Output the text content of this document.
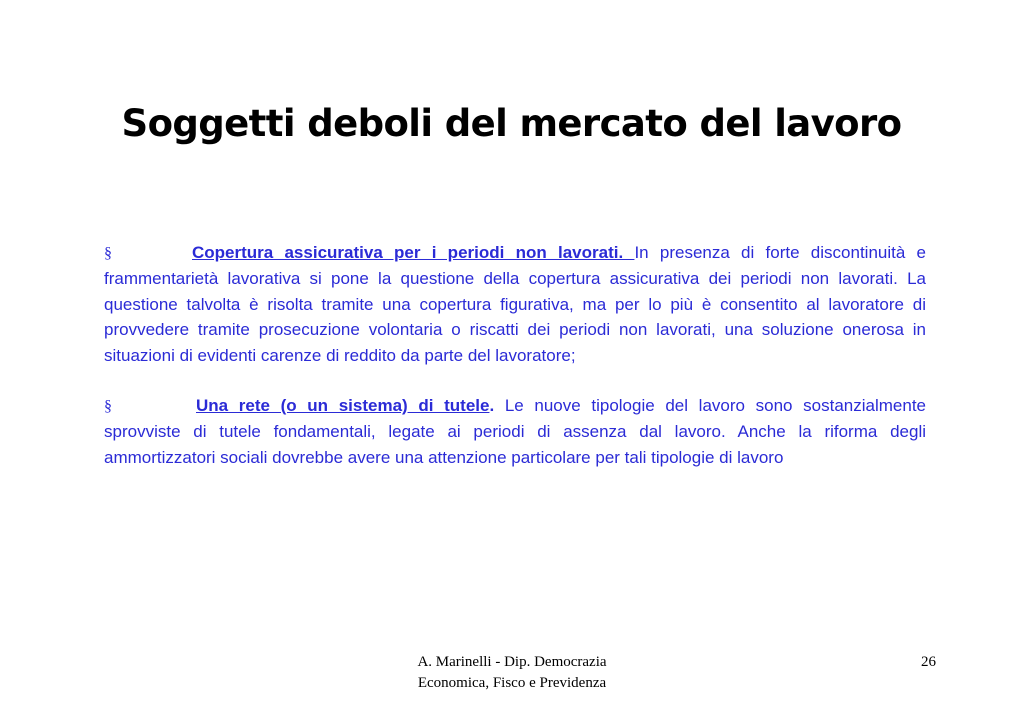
Soggetti deboli del mercato del lavoro

§	Copertura assicurativa per i periodi non lavorati. In presenza di forte discontinuità e frammentarietà lavorativa si pone la questione della copertura assicurativa dei periodi non lavorati. La questione talvolta è risolta tramite una copertura figurativa, ma per lo più è consentito al lavoratore di provvedere tramite prosecuzione volontaria o riscatti dei periodi non lavorati, una soluzione onerosa in situazioni di evidenti carenze di reddito da parte del lavoratore;

§	Una rete (o un sistema) di tutele. Le nuove tipologie del lavoro sono sostanzialmente sprovviste di tutele fondamentali, legate ai periodi di assenza dal lavoro. Anche la riforma degli ammortizzatori sociali dovrebbe avere una attenzione particolare per tali tipologie di lavoro

A. Marinelli - Dip. Democrazia
Economica, Fisco e Previdenza
26
